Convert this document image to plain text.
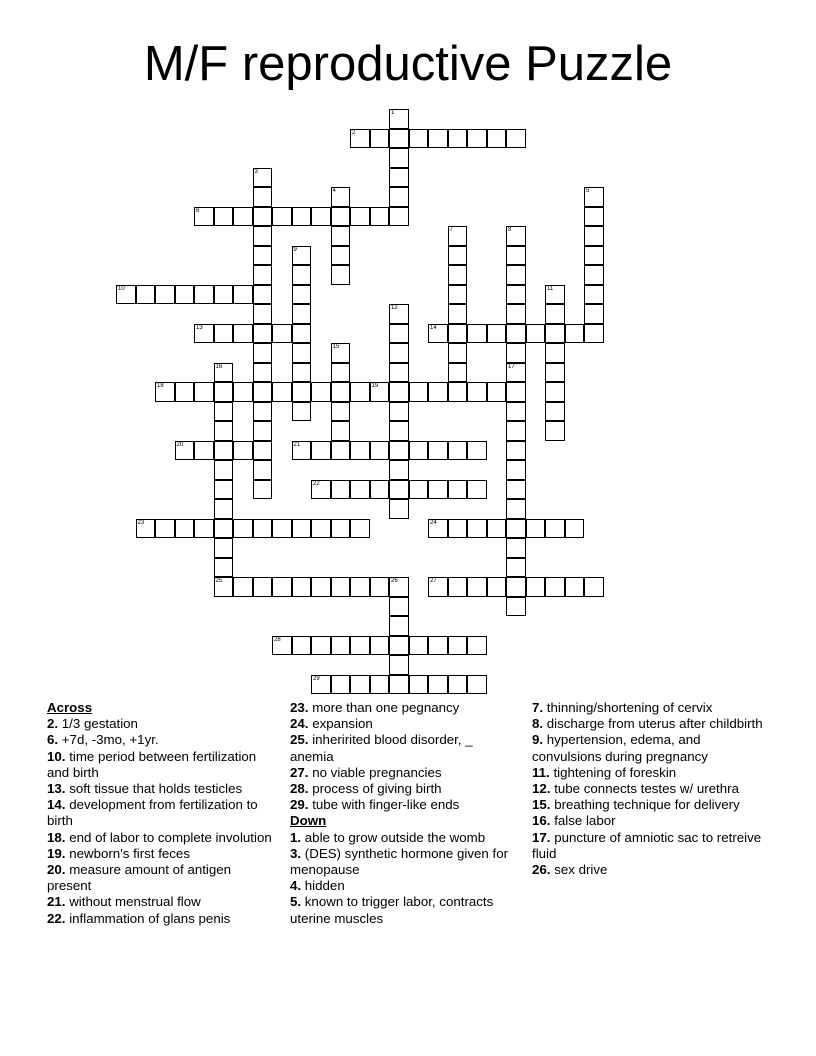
M/F reproductive Puzzle
1
2
3
4	5
6
7	8
9
10	11
12
13	14
15
16	17
18	19
20	21
22
23	24
25	26	27
28
29
Across
2. 1/3 gestation
6. +7d, -3mo, +1yr.
10. time period between fertilization and birth
13. soft tissue that holds testicles
14. development from fertilization to birth
18. end of labor to complete involution
19. newborn's first feces
20. measure amount of antigen present
21. without menstrual flow
22. inflammation of glans penis
23. more than one pegnancy
24. expansion
25. inheririted blood disorder, _ anemia
27. no viable pregnancies
28. process of giving birth
29. tube with finger-like ends
Down
1. able to grow outside the womb
3. (DES) synthetic hormone given for menopause
4. hidden
5. known to trigger labor, contracts uterine muscles
7. thinning/shortening of cervix
8. discharge from uterus after childbirth
9. hypertension, edema, and convulsions during pregnancy
11. tightening of foreskin
12. tube connects testes w/ urethra
15. breathing technique for delivery
16. false labor
17. puncture of amniotic sac to retreive fluid
26. sex drive
